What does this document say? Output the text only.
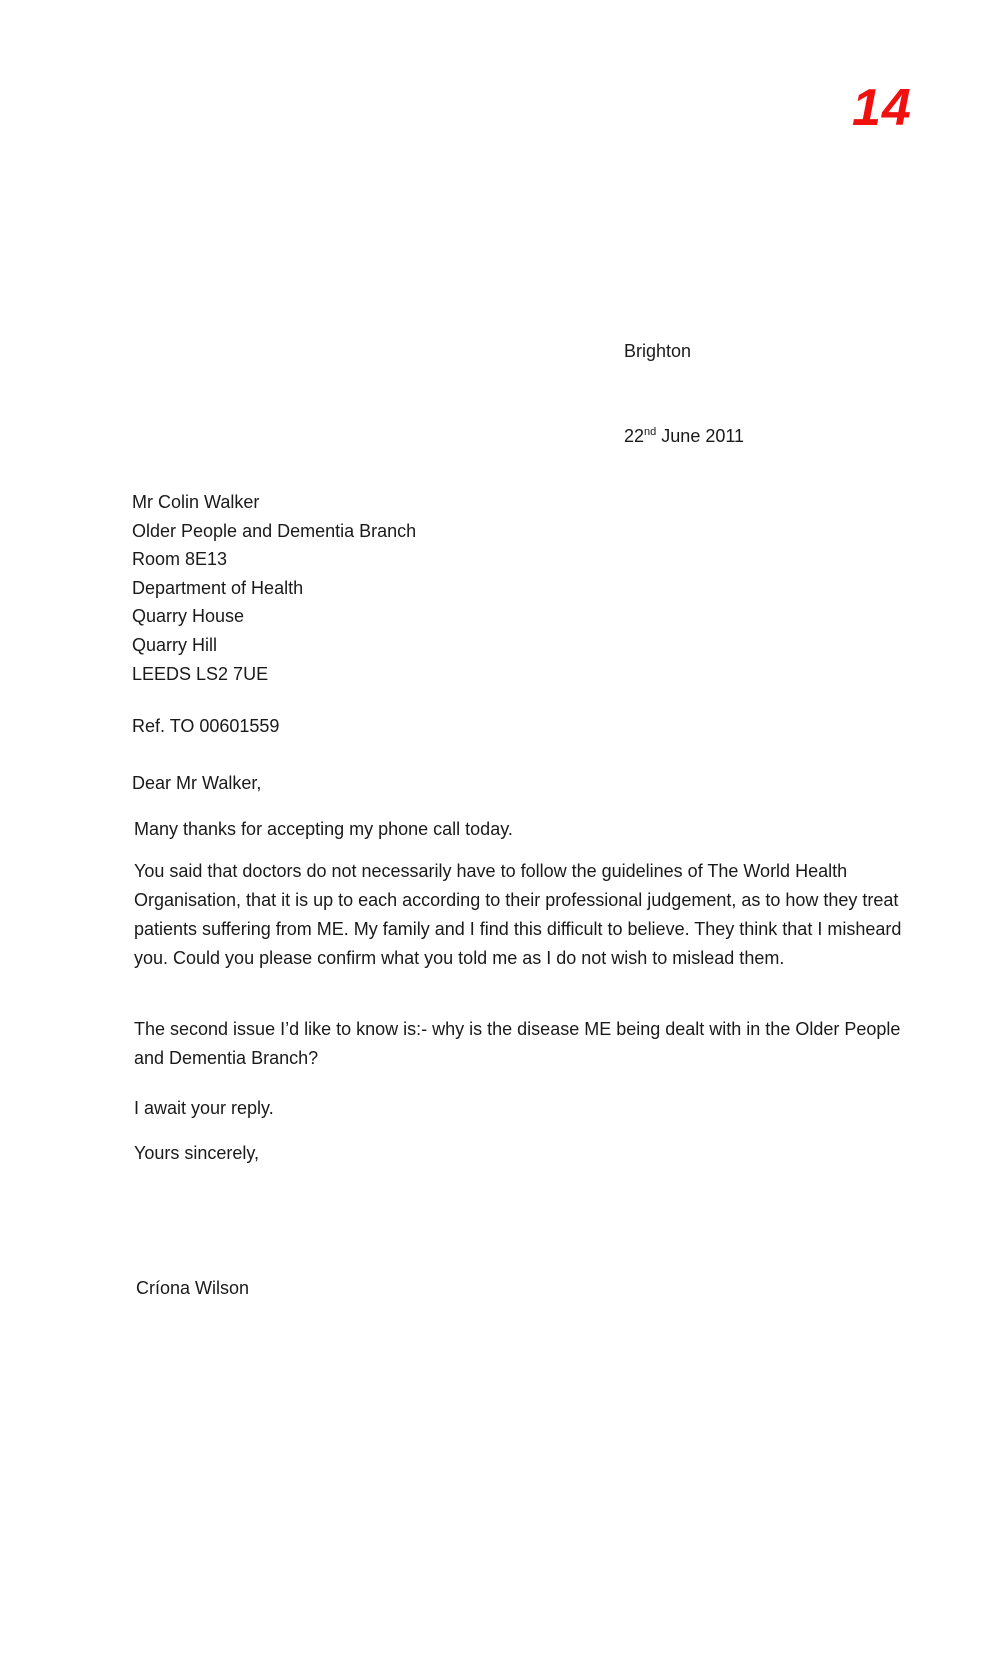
14
Brighton
22nd June 2011
Mr Colin Walker
Older People and Dementia Branch
Room 8E13
Department of Health
Quarry House
Quarry Hill
LEEDS LS2 7UE
Ref. TO 00601559
Dear Mr Walker,
Many thanks for accepting my phone call today.
You said that doctors do not necessarily have to follow the guidelines of The World Health Organisation, that it is up to each according to their professional judgement, as to how they treat patients suffering from ME. My family and I find this difficult to believe. They think that I misheard you. Could you please confirm what you told me as I do not wish to mislead them.
The second issue I’d like to know is:- why is the disease ME being dealt with in the Older People and Dementia Branch?
I await your reply.
Yours sincerely,
Críona Wilson
